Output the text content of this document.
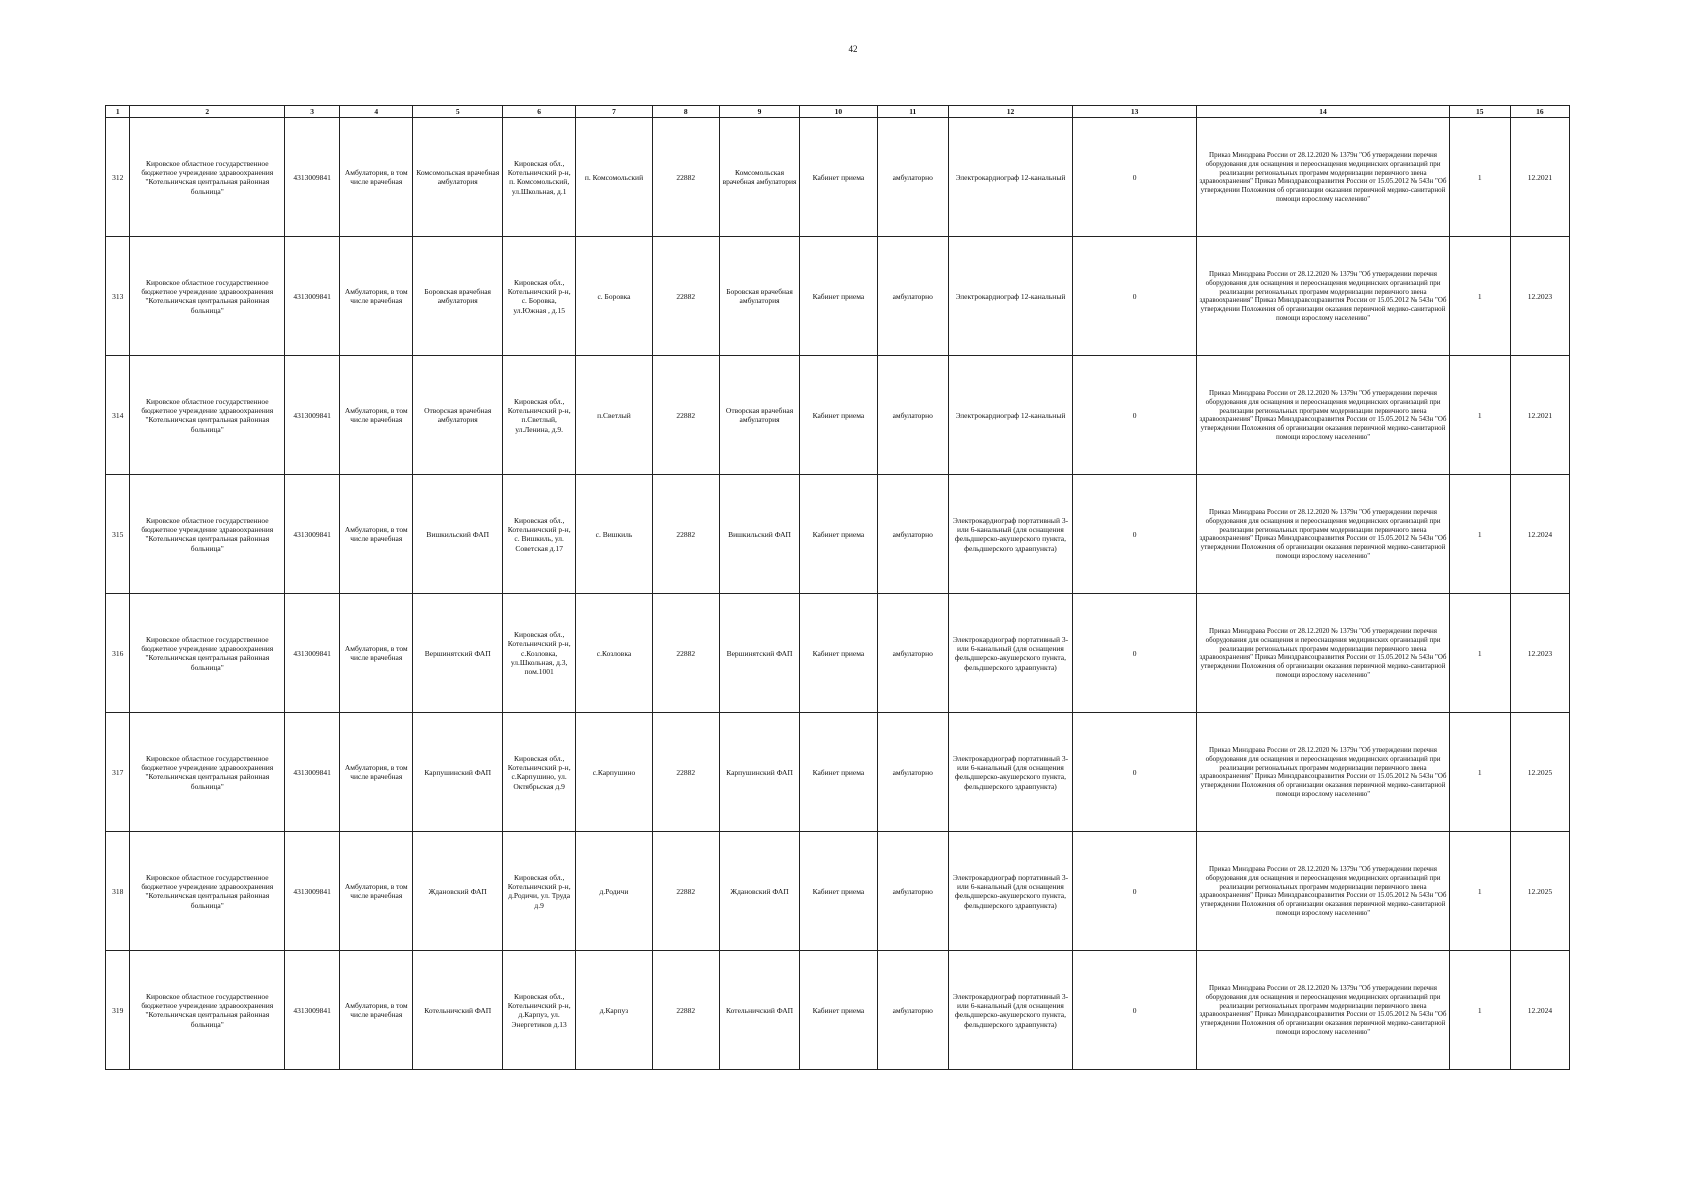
42
1	2	3	4	5	6	7	8	9	10	11	12	13	14	15	16
312	Кировское областное государственное бюджетное учреждение здравоохранения "Котельничская центральная районная больница"	4313009841	Амбулатория, в том числе врачебная	Комсомольская врачебная амбулатория	Кировская обл., Котельничский р-н, п. Комсомольский, ул.Школьная, д.1	п. Комсомольский	22882	Комсомольская врачебная амбулатория	Кабинет приема	амбулаторно	Электрокардиограф 12-канальный	0	Приказ Минздрава России от 28.12.2020 № 1379н "Об утверждении перечня оборудования для оснащения и переоснащения медицинских организаций при реализации региональных программ модернизации первичного звена здравоохранения" Приказ Минздравсоцразвития России от 15.05.2012 № 543н "Об утверждении Положения об организации оказания первичной медико-санитарной помощи взрослому населению"	1	12.2021
313	Кировское областное государственное бюджетное учреждение здравоохранения "Котельничская центральная районная больница"	4313009841	Амбулатория, в том числе врачебная	Боровская врачебная амбулатория	Кировская обл., Котельничский р-н, с. Боровка, ул.Южная , д.15	с. Боровка	22882	Боровская врачебная амбулатория	Кабинет приема	амбулаторно	Электрокардиограф 12-канальный	0	Приказ Минздрава России от 28.12.2020 № 1379н "Об утверждении перечня оборудования для оснащения и переоснащения медицинских организаций при реализации региональных программ модернизации первичного звена здравоохранения" Приказ Минздравсоцразвития России от 15.05.2012 № 543н "Об утверждении Положения об организации оказания первичной медико-санитарной помощи взрослому населению"	1	12.2023
314	Кировское областное государственное бюджетное учреждение здравоохранения "Котельничская центральная районная больница"	4313009841	Амбулатория, в том числе врачебная	Отворская врачебная амбулатория	Кировская обл., Котельничский р-н, п.Светлый, ул.Ленина, д.9.	п.Светлый	22882	Отворская врачебная амбулатория	Кабинет приема	амбулаторно	Электрокардиограф 12-канальный	0	Приказ Минздрава России от 28.12.2020 № 1379н "Об утверждении перечня оборудования для оснащения и переоснащения медицинских организаций при реализации региональных программ модернизации первичного звена здравоохранения" Приказ Минздравсоцразвития России от 15.05.2012 № 543н "Об утверждении Положения об организации оказания первичной медико-санитарной помощи взрослому населению"	1	12.2021
315	Кировское областное государственное бюджетное учреждение здравоохранения "Котельничская центральная районная больница"	4313009841	Амбулатория, в том числе врачебная	Вишкильский ФАП	Кировская обл., Котельничский р-н, с. Вишкиль, ул. Советская д.17	с. Вишкиль	22882	Вишкильский ФАП	Кабинет приема	амбулаторно	Электрокардиограф портативный 3- или 6-канальный (для оснащения фельдшерско-акушерского пункта, фельдшерского здравпункта)	0	Приказ Минздрава России от 28.12.2020 № 1379н "Об утверждении перечня оборудования для оснащения и переоснащения медицинских организаций при реализации региональных программ модернизации первичного звена здравоохранения" Приказ Минздравсоцразвития России от 15.05.2012 № 543н "Об утверждении Положения об организации оказания первичной медико-санитарной помощи взрослому населению"	1	12.2024
316	Кировское областное государственное бюджетное учреждение здравоохранения "Котельничская центральная районная больница"	4313009841	Амбулатория, в том числе врачебная	Вершинятский ФАП	Кировская обл., Котельничский р-н, с.Козловка, ул.Школьная, д.3, пом.1001	с.Козловка	22882	Вершинятский ФАП	Кабинет приема	амбулаторно	Электрокардиограф портативный 3- или 6-канальный (для оснащения фельдшерско-акушерского пункта, фельдшерского здравпункта)	0	Приказ Минздрава России от 28.12.2020 № 1379н "Об утверждении перечня оборудования для оснащения и переоснащения медицинских организаций при реализации региональных программ модернизации первичного звена здравоохранения" Приказ Минздравсоцразвития России от 15.05.2012 № 543н "Об утверждении Положения об организации оказания первичной медико-санитарной помощи взрослому населению"	1	12.2023
317	Кировское областное государственное бюджетное учреждение здравоохранения "Котельничская центральная районная больница"	4313009841	Амбулатория, в том числе врачебная	Карпушинский ФАП	Кировская обл., Котельничский р-н, с.Карпушино, ул. Октябрьская д.9	с.Карпушино	22882	Карпушинский ФАП	Кабинет приема	амбулаторно	Электрокардиограф портативный 3- или 6-канальный (для оснащения фельдшерско-акушерского пункта, фельдшерского здравпункта)	0	Приказ Минздрава России от 28.12.2020 № 1379н "Об утверждении перечня оборудования для оснащения и переоснащения медицинских организаций при реализации региональных программ модернизации первичного звена здравоохранения" Приказ Минздравсоцразвития России от 15.05.2012 № 543н "Об утверждении Положения об организации оказания первичной медико-санитарной помощи взрослому населению"	1	12.2025
318	Кировское областное государственное бюджетное учреждение здравоохранения "Котельничская центральная районная больница"	4313009841	Амбулатория, в том числе врачебная	Ждановский ФАП	Кировская обл., Котельничский р-н, д.Родичи, ул. Труда д.9	д.Родичи	22882	Ждановский ФАП	Кабинет приема	амбулаторно	Электрокардиограф портативный 3- или 6-канальный (для оснащения фельдшерско-акушерского пункта, фельдшерского здравпункта)	0	Приказ Минздрава России от 28.12.2020 № 1379н "Об утверждении перечня оборудования для оснащения и переоснащения медицинских организаций при реализации региональных программ модернизации первичного звена здравоохранения" Приказ Минздравсоцразвития России от 15.05.2012 № 543н "Об утверждении Положения об организации оказания первичной медико-санитарной помощи взрослому населению"	1	12.2025
319	Кировское областное государственное бюджетное учреждение здравоохранения "Котельничская центральная районная больница"	4313009841	Амбулатория, в том числе врачебная	Котельничский ФАП	Кировская обл., Котельничский р-н, д.Карпуз, ул. Энергетиков д.13	д.Карпуз	22882	Котельничский ФАП	Кабинет приема	амбулаторно	Электрокардиограф портативный 3- или 6-канальный (для оснащения фельдшерско-акушерского пункта, фельдшерского здравпункта)	0	Приказ Минздрава России от 28.12.2020 № 1379н "Об утверждении перечня оборудования для оснащения и переоснащения медицинских организаций при реализации региональных программ модернизации первичного звена здравоохранения" Приказ Минздравсоцразвития России от 15.05.2012 № 543н "Об утверждении Положения об организации оказания первичной медико-санитарной помощи взрослому населению"	1	12.2024
